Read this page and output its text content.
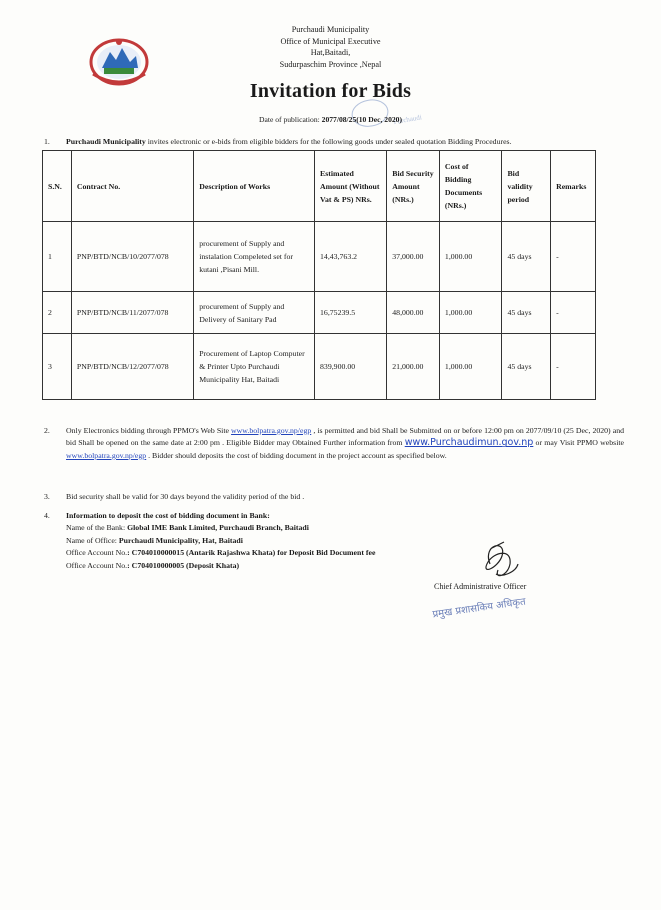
Purchaudi Municipality
Office of Municipal Executive
Hat,Baitadi,
Sudurpaschim Province ,Nepal
Purchaudi
Invitation for Bids
Date of publication: 2077/08/25(10 Dec, 2020)
1. Purchaudi Municipality invites electronic or e-bids from eligible bidders for the following goods under sealed quotation Bidding Procedures.
S.N.	Contract No.	Description of Works	Estimated Amount (Without Vat & PS) NRs.	Bid Security Amount (NRs.)	Cost of Bidding Documents (NRs.)	Bid validity period	Remarks
1	PNP/BTD/NCB/10/2077/078	procurement of Supply and instalation Compeleted set for kutani ,Pisani Mill.	14,43,763.2	37,000.00	1,000.00	45 days	-
2	PNP/BTD/NCB/11/2077/078	procurement of Supply and Delivery of Sanitary Pad	16,75239.5	48,000.00	1,000.00	45 days	-
3	PNP/BTD/NCB/12/2077/078	Procurement of Laptop Computer & Printer Upto Purchaudi Municipality Hat, Baitadi	839,900.00	21,000.00	1,000.00	45 days	-
2.	Only Electronics bidding through PPMO's Web Site www.bolpatra.gov.np/egp , is permitted and bid Shall be Submitted on or before 12:00 pm on 2077/09/10 (25 Dec, 2020) and bid Shall be opened on the same date at 2:00 pm . Eligible Bidder may Obtained Further information from www.Purchaudimun.gov.np or may Visit PPMO website www.bolpatra.gov.np/egp . Bidder should deposits the cost of bidding document in the project account as specified below.
3. Bid security shall be valid for 30 days beyond the validity period of the bid .
4. Information to deposit the cost of bidding document in Bank:
Name of the Bank: Global IME Bank Limited, Purchaudi Branch, Baitadi
Name of Office: Purchaudi Municipality, Hat, Baitadi
Office Account No.: C704010000015 (Antarik Rajashwa Khata) for Deposit Bid Document fee
Office Account No.: C704010000005 (Deposit Khata)
Chief Administrative Officer
प्रमुख प्रशासकिय अधिकृत
